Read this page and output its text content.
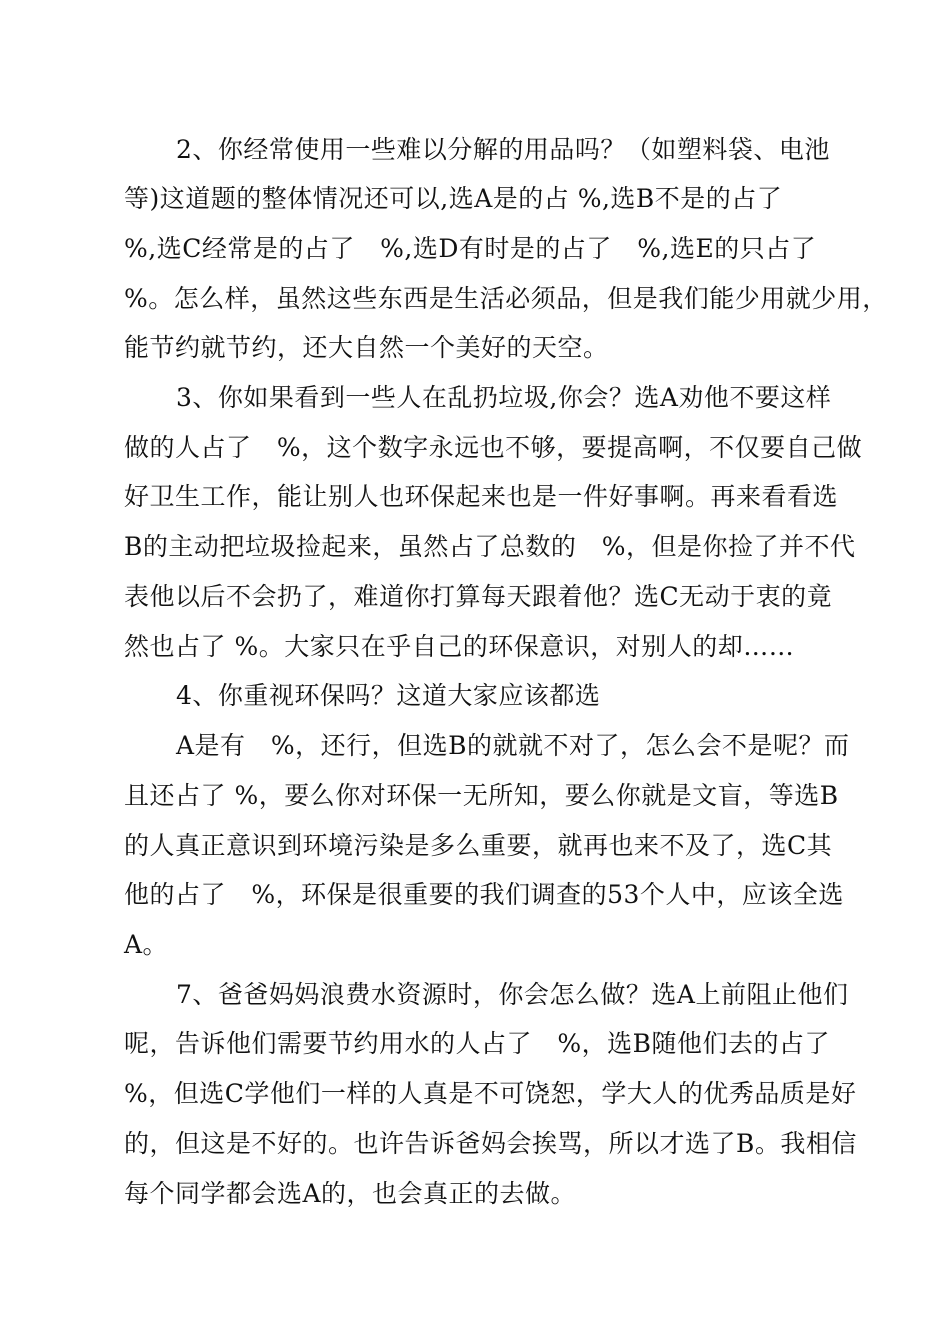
2、你经常使用一些难以分解的用品吗？（如塑料袋、电池
等)这道题的整体情况还可以,选A是的占 %,选B不是的占了
%,选C经常是的占了   %,选D有时是的占了   %,选E的只占了
%。怎么样，虽然这些东西是生活必须品，但是我们能少用就少用，
能节约就节约，还大自然一个美好的天空。
3、你如果看到一些人在乱扔垃圾,你会？选A劝他不要这样
做的人占了   %，这个数字永远也不够，要提高啊，不仅要自己做
好卫生工作，能让别人也环保起来也是一件好事啊。再来看看选
B的主动把垃圾捡起来，虽然占了总数的   %，但是你捡了并不代
表他以后不会扔了，难道你打算每天跟着他？选C无动于衷的竟
然也占了 %。大家只在乎自己的环保意识，对别人的却……
4、你重视环保吗？这道大家应该都选
A是有   %，还行，但选B的就就不对了，怎么会不是呢？而
且还占了 %，要么你对环保一无所知，要么你就是文盲，等选B
的人真正意识到环境污染是多么重要，就再也来不及了，选C其
他的占了   %，环保是很重要的我们调查的53个人中，应该全选
A。
7、爸爸妈妈浪费水资源时，你会怎么做？选A上前阻止他们
呢，告诉他们需要节约用水的人占了   %，选B随他们去的占了
%，但选C学他们一样的人真是不可饶恕，学大人的优秀品质是好
的，但这是不好的。也许告诉爸妈会挨骂，所以才选了B。我相信
每个同学都会选A的，也会真正的去做。
